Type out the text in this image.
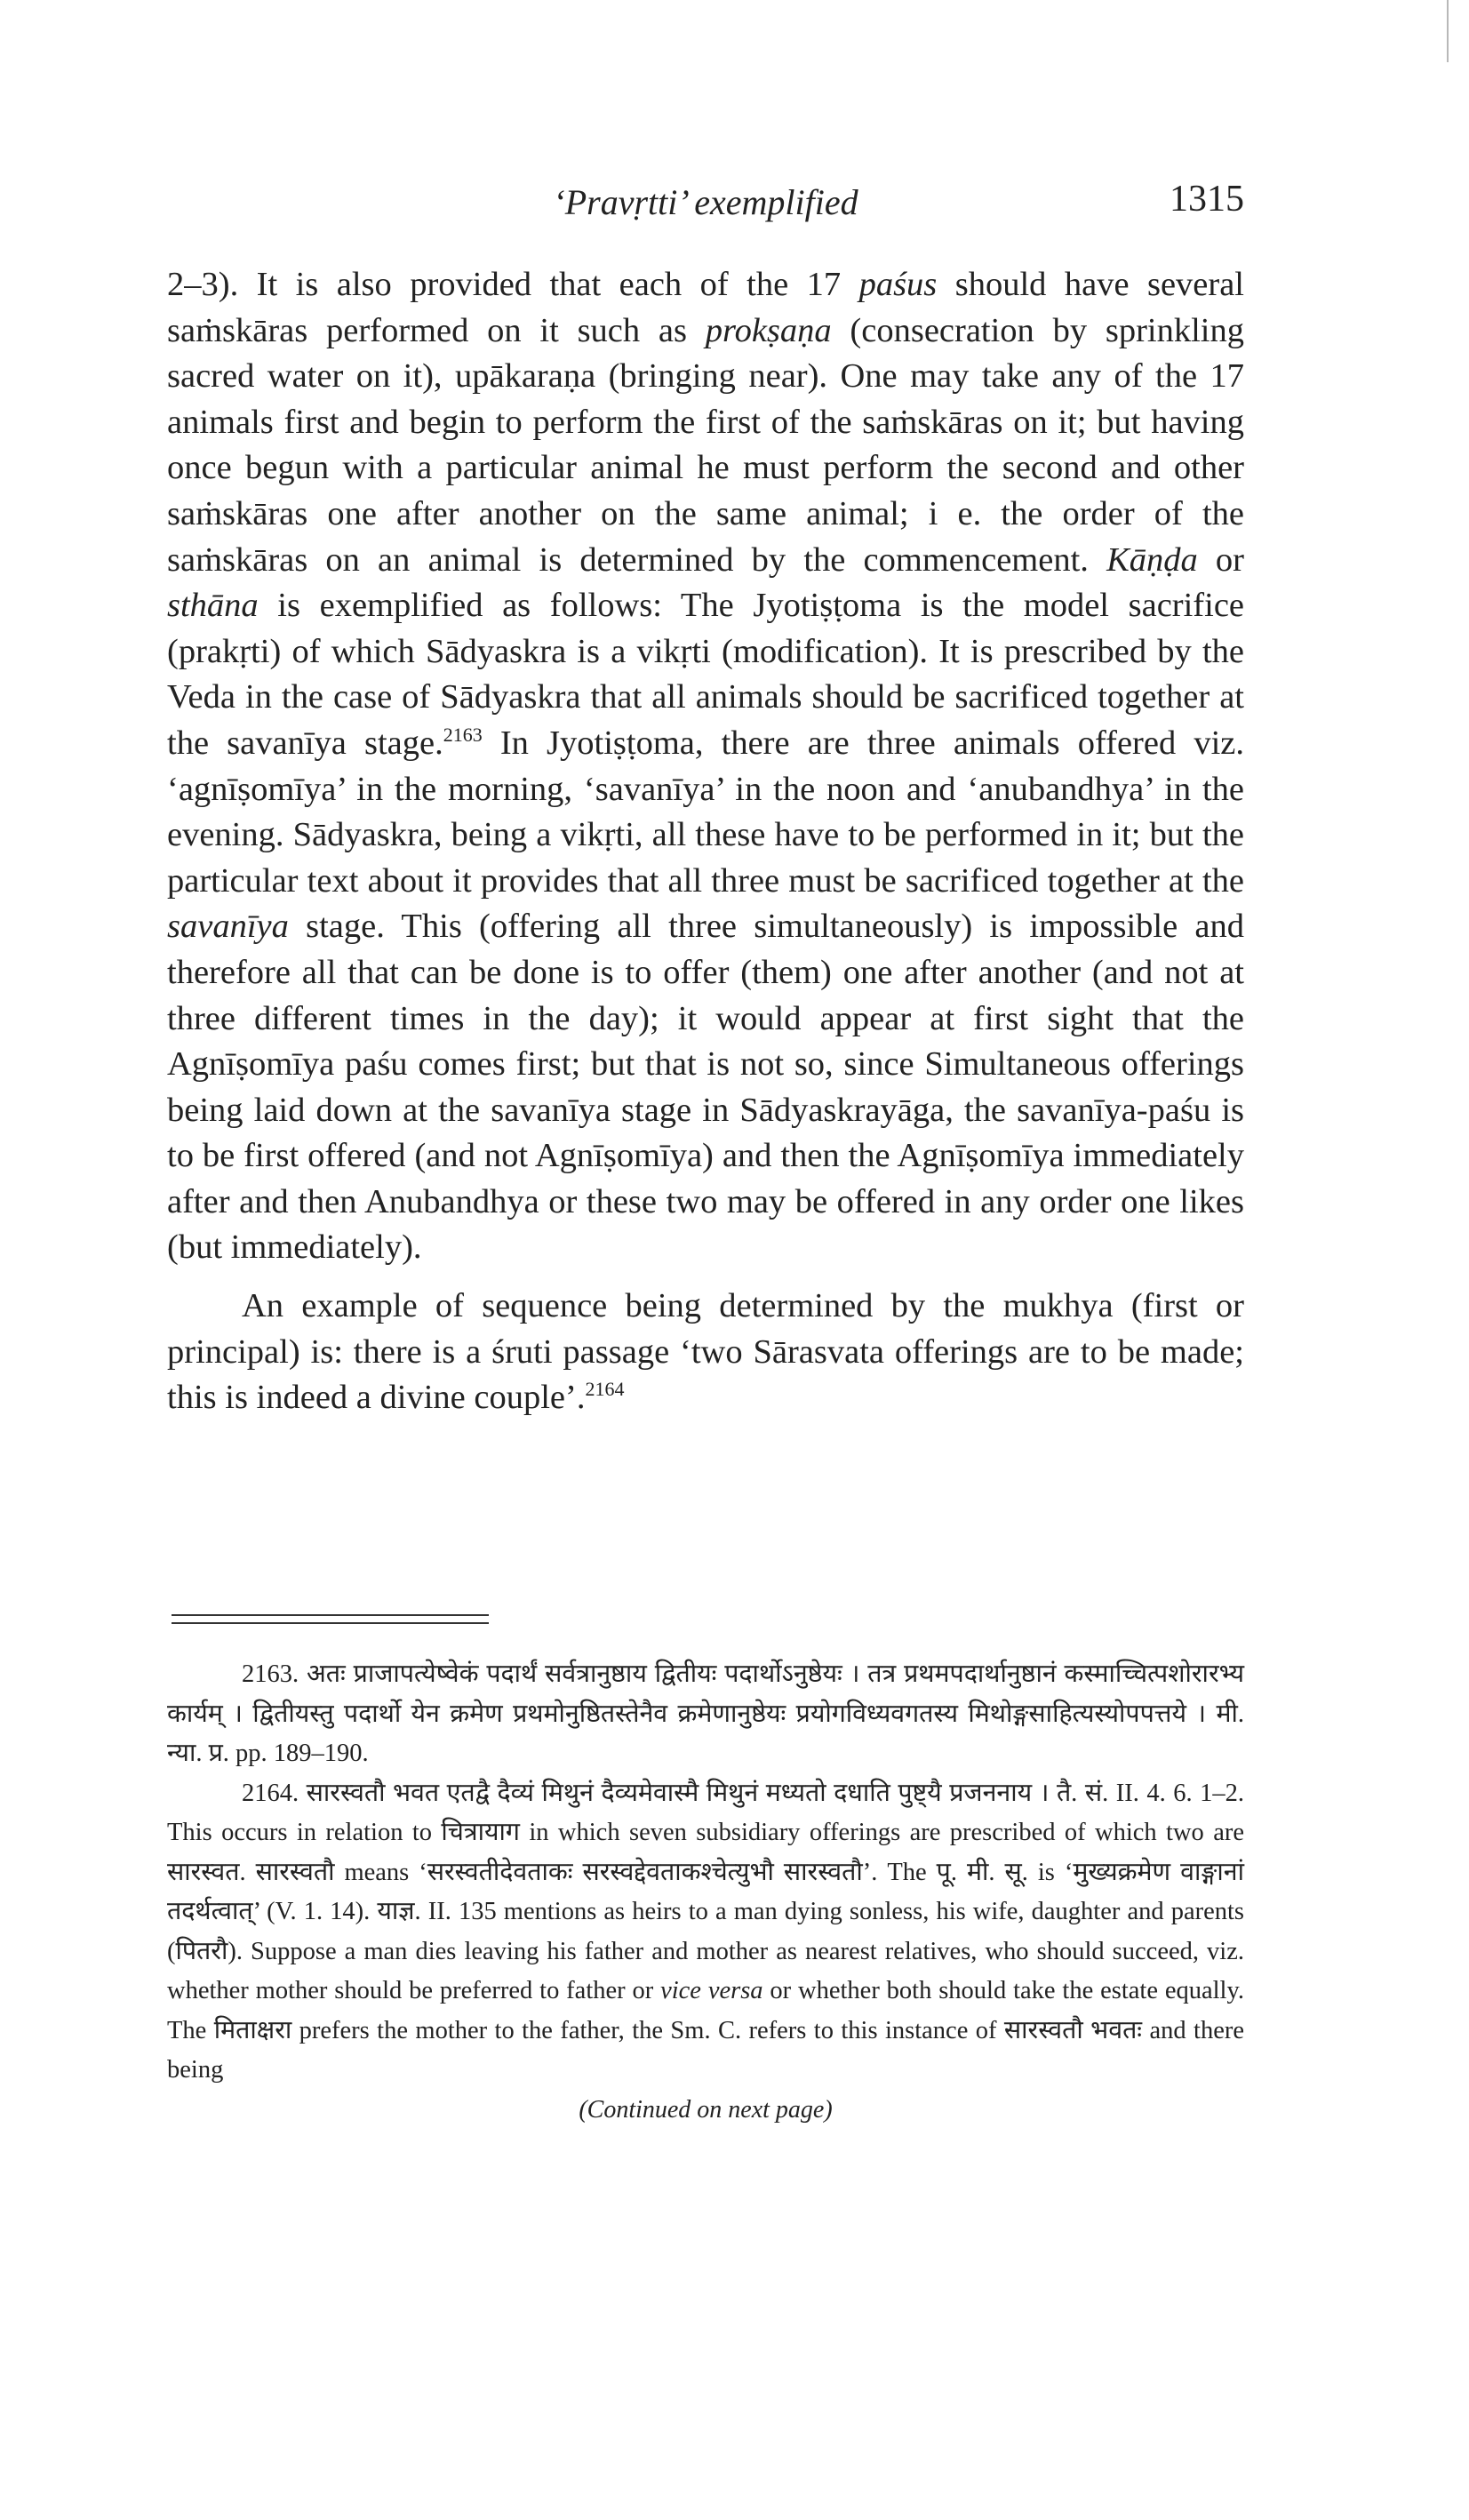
‘Pravṛtti’ exemplified	1315

2–3). It is also provided that each of the 17 paśus should have several saṁskāras performed on it such as prokṣaṇa (consecration by sprinkling sacred water on it), upākaraṇa (bringing near). One may take any of the 17 animals first and begin to perform the first of the saṁskāras on it; but having once begun with a particular animal he must perform the second and other saṁskāras one after another on the same animal; i e. the order of the saṁskāras on an animal is determined by the commencement. Kāṇḍa or sthāna is exemplified as follows: The Jyotiṣṭoma is the model sacrifice (prakṛti) of which Sādyaskra is a vikṛti (modification). It is prescribed by the Veda in the case of Sādyaskra that all animals should be sacrificed together at the savanīya stage.$^{2163}$ In Jyotiṣṭoma, there are three animals offered viz. ‘agnīṣomīya’ in the morning, ‘savanīya’ in the noon and ‘anubandhya’ in the evening. Sādyaskra, being a vikṛti, all these have to be performed in it; but the particular text about it provides that all three must be sacrificed together at the savanīya stage. This (offering all three simultaneously) is impossible and therefore all that can be done is to offer (them) one after another (and not at three different times in the day); it would appear at first sight that the Agnīṣomīya paśu comes first; but that is not so, since Simultaneous offerings being laid down at the savanīya stage in Sādyaskrayāga, the savanīya-paśu is to be first offered (and not Agnīṣomīya) and then the Agnīṣomīya immediately after and then Anubandhya or these two may be offered in any order one likes (but immediately).

An example of sequence being determined by the mukhya (first or principal) is: there is a śruti passage ‘two Sārasvata offerings are to be made; this is indeed a divine couple’.$^{2164}$

2163. अतः प्राजापत्येष्वेकं पदार्थं सर्वत्रानुष्ठाय द्वितीयः पदार्थोऽनुष्ठेयः । तत्र प्रथमपदार्थानुष्ठानं कस्माच्चित्पशोरारभ्य कार्यम् । द्वितीयस्तु पदार्थो येन क्रमेण प्रथमोनुष्ठितस्तेनैव क्रमेणानुष्ठेयः प्रयोगविध्यवगतस्य मिथोङ्गसाहित्यस्योपपत्तये । मी. न्या. प्र. pp. 189–190.

2164. सारस्वतौ भवत एतद्वै दैव्यं मिथुनं दैव्यमेवास्मै मिथुनं मध्यतो दधाति पुष्ट्यै प्रजननाय । तै. सं. II. 4. 6. 1–2. This occurs in relation to चित्रायाग in which seven subsidiary offerings are prescribed of which two are सारस्वत. सारस्वतौ means ‘सरस्वतीदेवताकः सरस्वद्देवताकश्चेत्युभौ सारस्वतौ’. The पू. मी. सू. is ‘मुख्यक्रमेण वाङ्गानां तदर्थत्वात्’ (V. 1. 14). याज्ञ. II. 135 mentions as heirs to a man dying sonless, his wife, daughter and parents (पितरौ). Suppose a man dies leaving his father and mother as nearest relatives, who should succeed, viz. whether mother should be preferred to father or vice versa or whether both should take the estate equally. The मिताक्षरा prefers the mother to the father, the Sm. C. refers to this instance of सारस्वतौ भवतः and there being

(Continued on next page)
